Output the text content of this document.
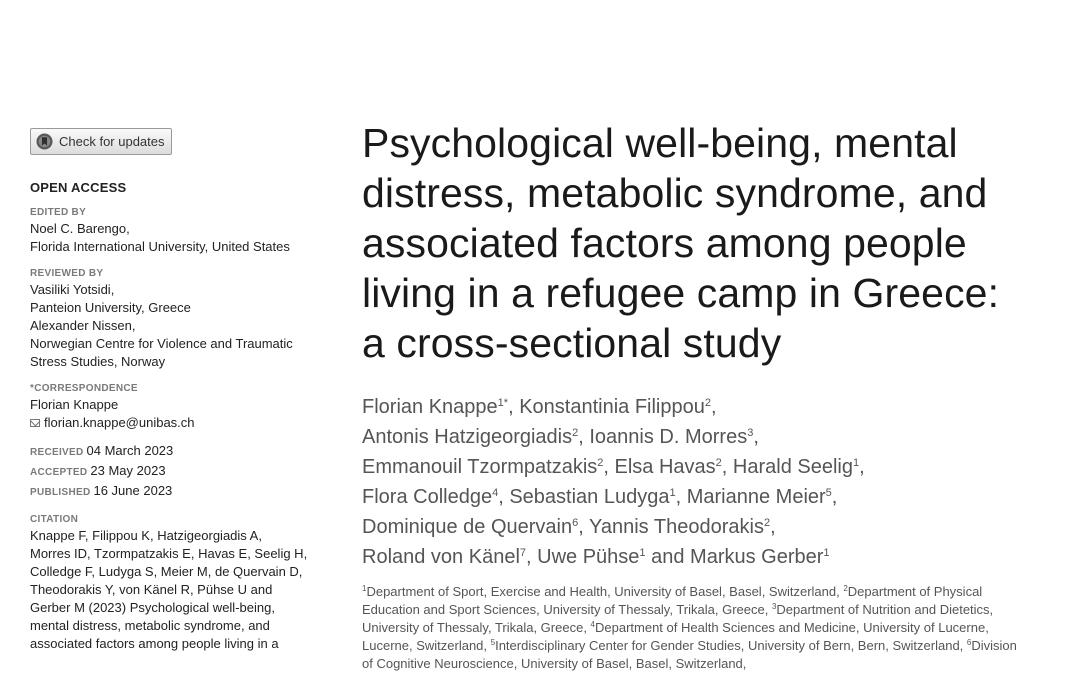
Check for updates
OPEN ACCESS
EDITED BY
Noel C. Barengo,
Florida International University, United States
REVIEWED BY
Vasiliki Yotsidi,
Panteion University, Greece
Alexander Nissen,
Norwegian Centre for Violence and Traumatic
Stress Studies, Norway
*CORRESPONDENCE
Florian Knappe
florian.knappe@unibas.ch
RECEIVED 04 March 2023
ACCEPTED 23 May 2023
PUBLISHED 16 June 2023
CITATION
Knappe F, Filippou K, Hatzigeorgiadis A,
Morres ID, Tzormpatzakis E, Havas E, Seelig H,
Colledge F, Ludyga S, Meier M, de Quervain D,
Theodorakis Y, von Känel R, Pühse U and
Gerber M (2023) Psychological well-being,
mental distress, metabolic syndrome, and
associated factors among people living in a
Psychological well-being, mental
distress, metabolic syndrome, and
associated factors among people
living in a refugee camp in Greece:
a cross-sectional study
Florian Knappe$^{1*}$, Konstantinia Filippou$^2$,
Antonis Hatzigeorgiadis$^2$, Ioannis D. Morres$^3$,
Emmanouil Tzormpatzakis$^2$, Elsa Havas$^2$, Harald Seelig$^1$,
Flora Colledge$^4$, Sebastian Ludyga$^1$, Marianne Meier$^5$,
Dominique de Quervain$^6$, Yannis Theodorakis$^2$,
Roland von Känel$^7$, Uwe Pühse$^1$ and Markus Gerber$^1$
$^1$Department of Sport, Exercise and Health, University of Basel, Basel, Switzerland, $^2$Department of Physical Education and Sport Sciences, University of Thessaly, Trikala, Greece, $^3$Department of Nutrition and Dietetics, University of Thessaly, Trikala, Greece, $^4$Department of Health Sciences and Medicine, University of Lucerne, Lucerne, Switzerland, $^5$Interdisciplinary Center for Gender Studies, University of Bern, Bern, Switzerland, $^6$Division of Cognitive Neuroscience, University of Basel, Basel, Switzerland,
